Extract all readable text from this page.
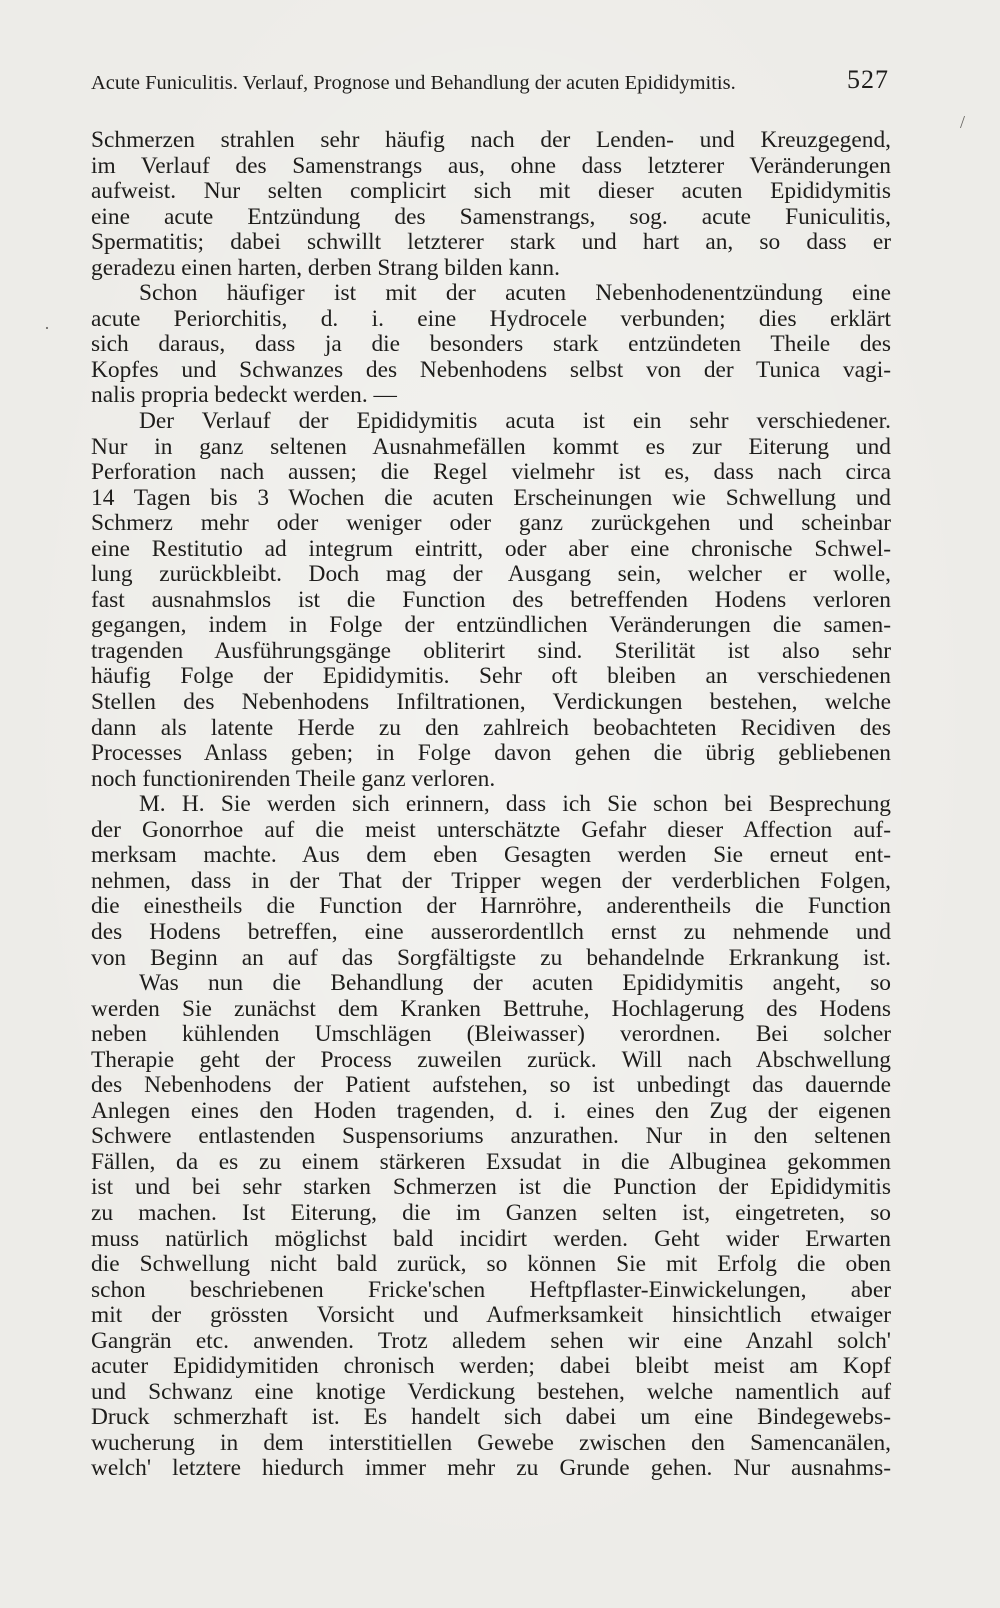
Acute Funiculitis. Verlauf, Prognose und Behandlung der acuten Epididymitis.	527
Schmerzen strahlen sehr häufig nach der Lenden- und Kreuzgegend,
im Verlauf des Samenstrangs aus, ohne dass letzterer Veränderungen
aufweist. Nur selten complicirt sich mit dieser acuten Epididymitis
eine acute Entzündung des Samenstrangs, sog. acute Funiculitis,
Spermatitis; dabei schwillt letzterer stark und hart an, so dass er
geradezu einen harten, derben Strang bilden kann.
Schon häufiger ist mit der acuten Nebenhodenentzündung eine
acute Periorchitis, d. i. eine Hydrocele verbunden; dies erklärt
sich daraus, dass ja die besonders stark entzündeten Theile des
Kopfes und Schwanzes des Nebenhodens selbst von der Tunica vagi-
nalis propria bedeckt werden. —
Der Verlauf der Epididymitis acuta ist ein sehr verschiedener.
Nur in ganz seltenen Ausnahmefällen kommt es zur Eiterung und
Perforation nach aussen; die Regel vielmehr ist es, dass nach circa
14 Tagen bis 3 Wochen die acuten Erscheinungen wie Schwellung und
Schmerz mehr oder weniger oder ganz zurückgehen und scheinbar
eine Restitutio ad integrum eintritt, oder aber eine chronische Schwel-
lung zurückbleibt. Doch mag der Ausgang sein, welcher er wolle,
fast ausnahmslos ist die Function des betreffenden Hodens verloren
gegangen, indem in Folge der entzündlichen Veränderungen die samen-
tragenden Ausführungsgänge obliterirt sind. Sterilität ist also sehr
häufig Folge der Epididymitis. Sehr oft bleiben an verschiedenen
Stellen des Nebenhodens Infiltrationen, Verdickungen bestehen, welche
dann als latente Herde zu den zahlreich beobachteten Recidiven des
Processes Anlass geben; in Folge davon gehen die übrig gebliebenen
noch functionirenden Theile ganz verloren.
M. H. Sie werden sich erinnern, dass ich Sie schon bei Besprechung
der Gonorrhoe auf die meist unterschätzte Gefahr dieser Affection auf-
merksam machte. Aus dem eben Gesagten werden Sie erneut ent-
nehmen, dass in der That der Tripper wegen der verderblichen Folgen,
die einestheils die Function der Harnröhre, anderentheils die Function
des Hodens betreffen, eine ausserordentllch ernst zu nehmende und
von Beginn an auf das Sorgfältigste zu behandelnde Erkrankung ist.
Was nun die Behandlung der acuten Epididymitis angeht, so
werden Sie zunächst dem Kranken Bettruhe, Hochlagerung des Hodens
neben kühlenden Umschlägen (Bleiwasser) verordnen. Bei solcher
Therapie geht der Process zuweilen zurück. Will nach Abschwellung
des Nebenhodens der Patient aufstehen, so ist unbedingt das dauernde
Anlegen eines den Hoden tragenden, d. i. eines den Zug der eigenen
Schwere entlastenden Suspensoriums anzurathen. Nur in den seltenen
Fällen, da es zu einem stärkeren Exsudat in die Albuginea gekommen
ist und bei sehr starken Schmerzen ist die Punction der Epididymitis
zu machen. Ist Eiterung, die im Ganzen selten ist, eingetreten, so
muss natürlich möglichst bald incidirt werden. Geht wider Erwarten
die Schwellung nicht bald zurück, so können Sie mit Erfolg die oben
schon beschriebenen Fricke'schen Heftpflaster-Einwickelungen, aber
mit der grössten Vorsicht und Aufmerksamkeit hinsichtlich etwaiger
Gangrän etc. anwenden. Trotz alledem sehen wir eine Anzahl solch'
acuter Epididymitiden chronisch werden; dabei bleibt meist am Kopf
und Schwanz eine knotige Verdickung bestehen, welche namentlich auf
Druck schmerzhaft ist. Es handelt sich dabei um eine Bindegewebs-
wucherung in dem interstitiellen Gewebe zwischen den Samencanälen,
welch' letztere hiedurch immer mehr zu Grunde gehen. Nur ausnahms-
/
·
